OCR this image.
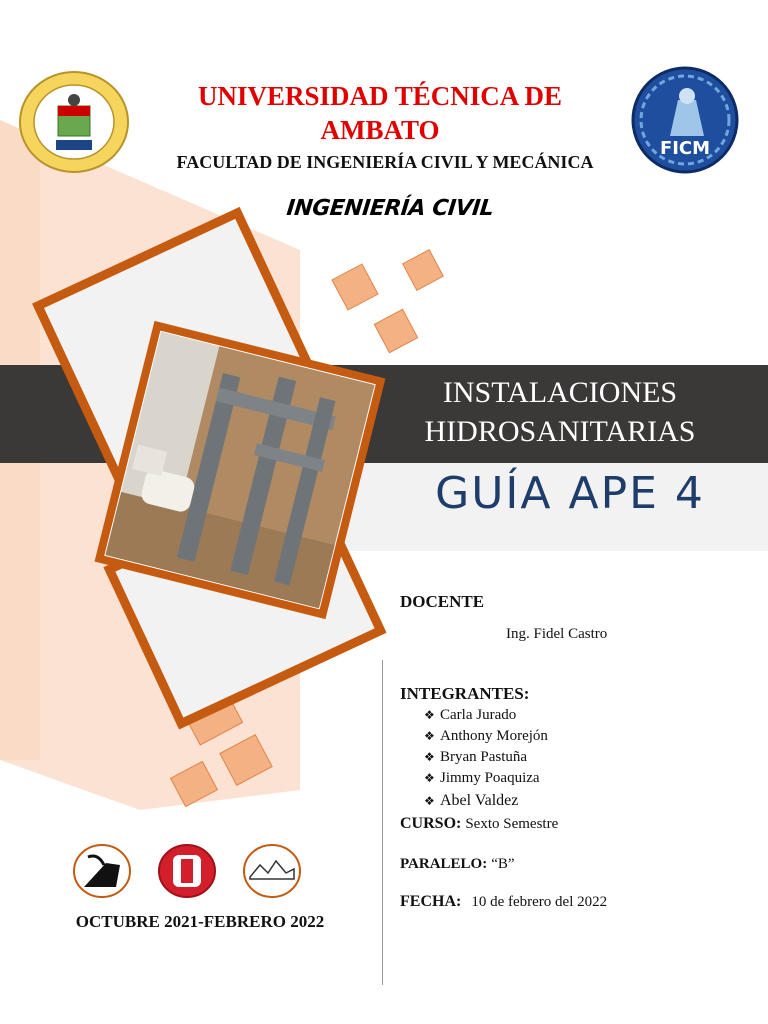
FICM
UNIVERSIDAD TÉCNICA DE
AMBATO
FACULTAD DE INGENIERÍA CIVIL Y MECÁNICA
INGENIERÍA CIVIL
INSTALACIONES
HIDROSANITARIAS
GUÍA APE 4
DOCENTE
Ing. Fidel Castro
INTEGRANTES:
❖ Carla Jurado
❖ Anthony Morejón
❖ Bryan Pastuña
❖ Jimmy Poaquiza
❖ Abel Valdez
CURSO: Sexto Semestre
PARALELO: “B”
FECHA: 10 de febrero del 2022
OCTUBRE 2021-FEBRERO 2022
